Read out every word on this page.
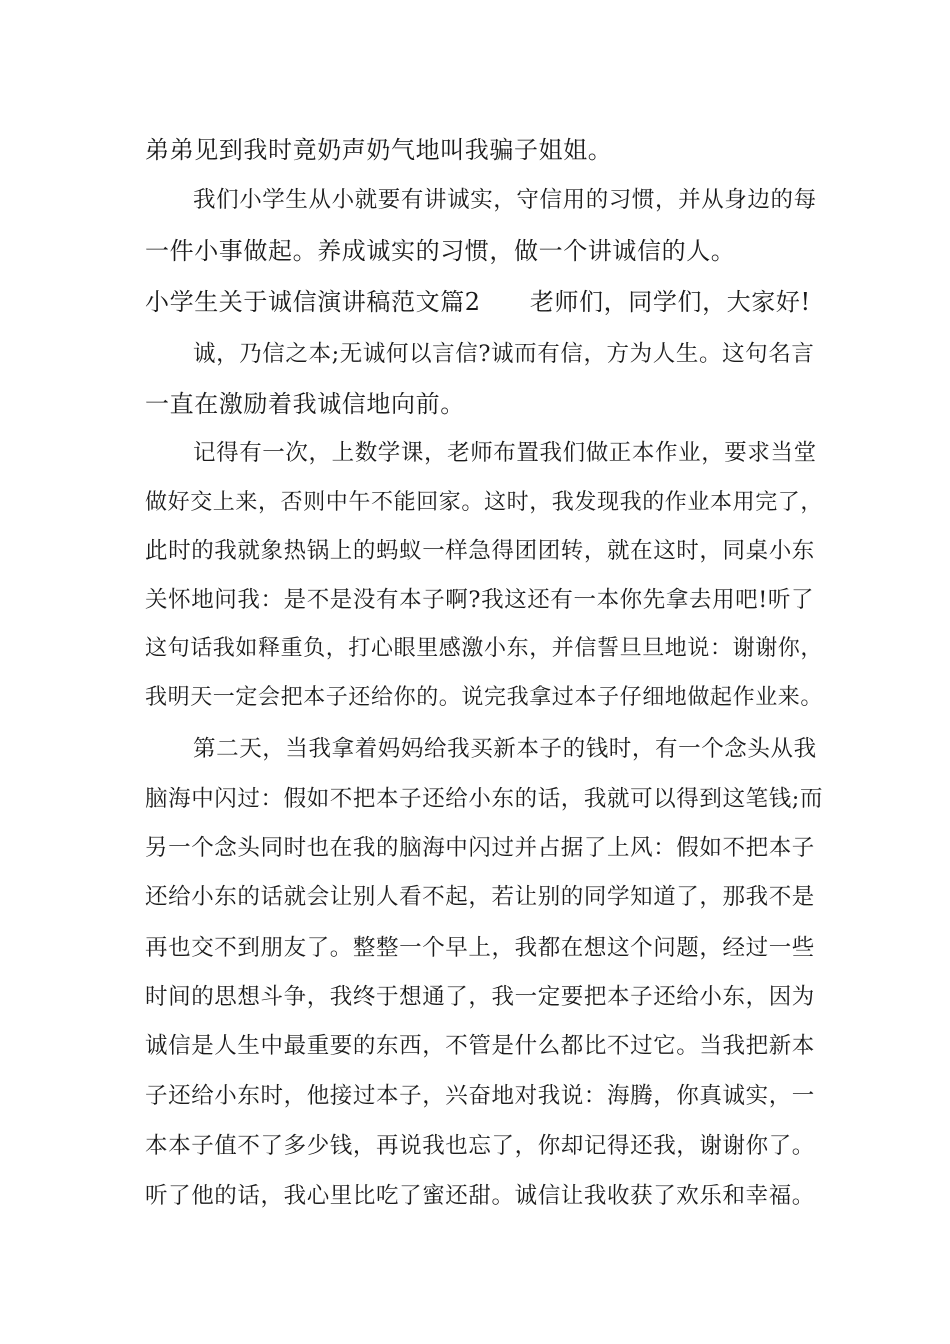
弟弟见到我时竟奶声奶气地叫我骗子姐姐。
我们小学生从小就要有讲诚实，守信用的习惯，并从身边的每
一件小事做起。养成诚实的习惯，做一个讲诚信的人。
小学生关于诚信演讲稿范文篇2　　老师们，同学们，大家好!
诚，乃信之本;无诚何以言信?诚而有信，方为人生。这句名言
一直在激励着我诚信地向前。
记得有一次，上数学课，老师布置我们做正本作业，要求当堂
做好交上来，否则中午不能回家。这时，我发现我的作业本用完了，
此时的我就象热锅上的蚂蚁一样急得团团转，就在这时，同桌小东
关怀地问我：是不是没有本子啊?我这还有一本你先拿去用吧!听了
这句话我如释重负，打心眼里感激小东，并信誓旦旦地说：谢谢你，
我明天一定会把本子还给你的。说完我拿过本子仔细地做起作业来。
第二天，当我拿着妈妈给我买新本子的钱时，有一个念头从我
脑海中闪过：假如不把本子还给小东的话，我就可以得到这笔钱;而
另一个念头同时也在我的脑海中闪过并占据了上风：假如不把本子
还给小东的话就会让别人看不起，若让别的同学知道了，那我不是
再也交不到朋友了。整整一个早上，我都在想这个问题，经过一些
时间的思想斗争，我终于想通了，我一定要把本子还给小东，因为
诚信是人生中最重要的东西，不管是什么都比不过它。当我把新本
子还给小东时，他接过本子，兴奋地对我说：海腾，你真诚实，一
本本子值不了多少钱，再说我也忘了，你却记得还我，谢谢你了。
听了他的话，我心里比吃了蜜还甜。诚信让我收获了欢乐和幸福。
